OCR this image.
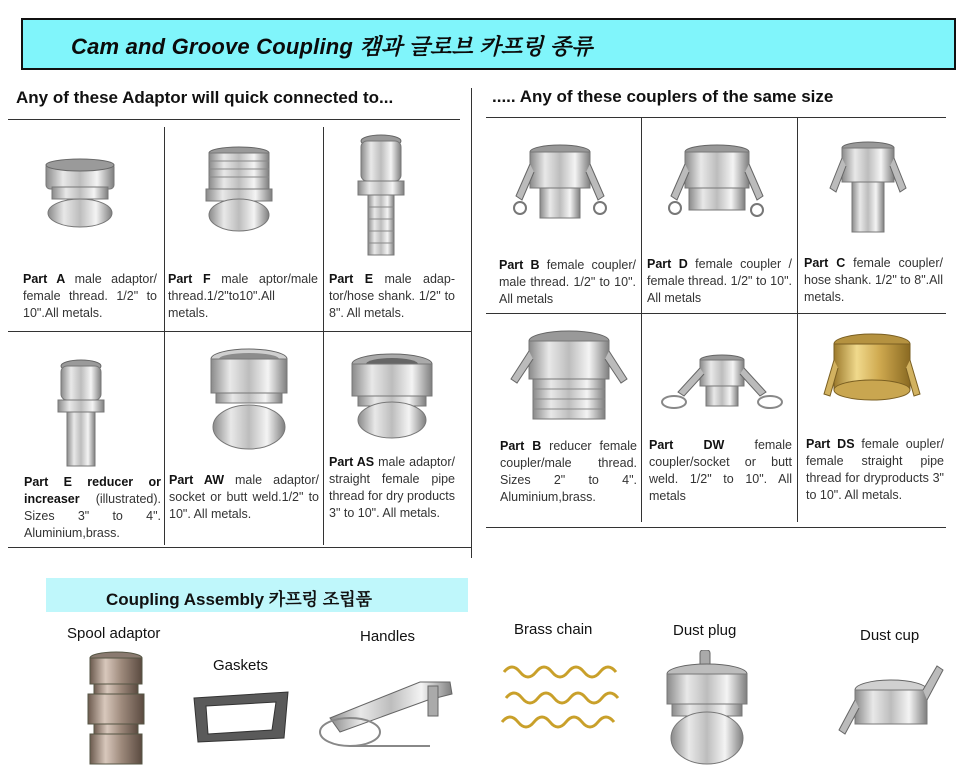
Cam and Groove Coupling 캠과 글로브 카프링 종류
Any of these Adaptor will quick connected to...	..... Any of these couplers of the same size
Part A male adaptor/ female thread. 1/2" to 10".All metals.
Part F male aptor/male thread.1/2"to10".All metals.
Part E male adap- tor/hose shank. 1/2" to 8". All metals.
Part E reducer or increaser (illustrated). Sizes 3" to 4". Aluminium,brass.
Part AW male adaptor/ socket or butt weld.1/2" to 10". All metals.
Part AS male adaptor/ straight female pipe thread for dry products 3" to 10". All metals.
Part B female coupler/ male thread. 1/2" to 10". All metals
Part D female coupler / female thread. 1/2" to 10". All metals
Part C female coupler/ hose shank. 1/2" to 8".All metals.
Part B reducer female coupler/male thread. Sizes 2" to 4". Aluminium,brass.
Part DW female coupler/socket or butt weld. 1/2" to 10". All metals
Part DS female oupler/ female straight pipe thread for dryproducts 3" to 10". All metals.
Coupling Assembly 카프링 조립품
Spool adaptor
Gaskets
Handles	Brass chain	Dust plug	Dust cup
